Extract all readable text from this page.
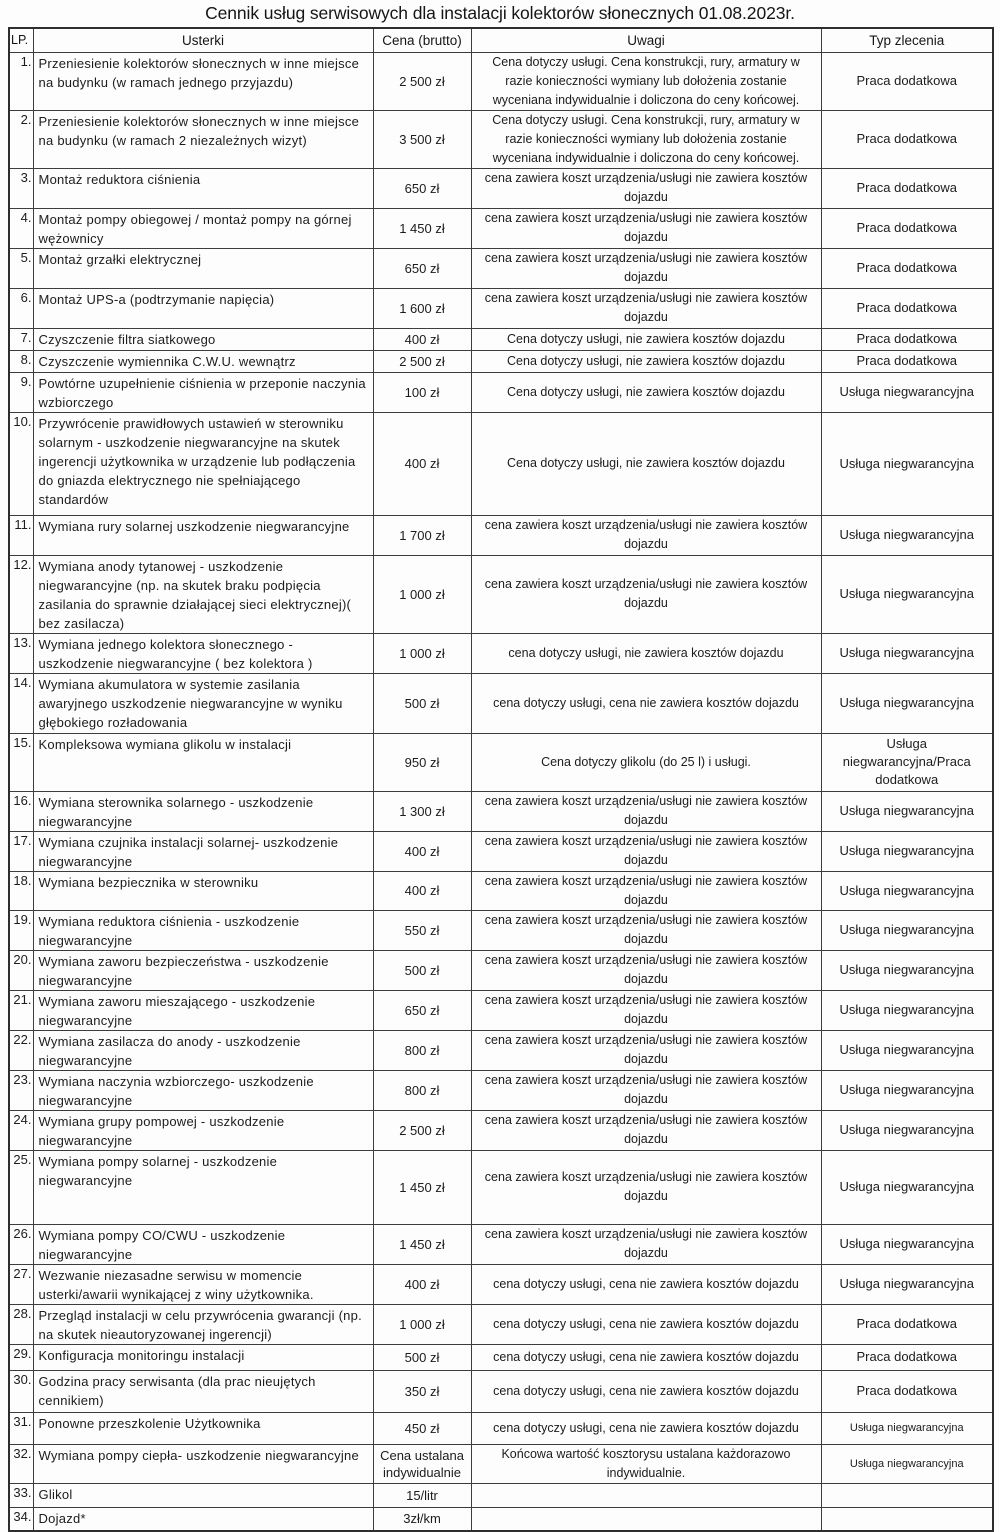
Cennik usług serwisowych dla instalacji kolektorów słonecznych 01.08.2023r.
LP.	Usterki	Cena (brutto)	Uwagi	Typ zlecenia
1.	Przeniesienie kolektorów słonecznych w inne miejsce na budynku (w ramach jednego przyjazdu)	2 500 zł	Cena dotyczy usługi. Cena konstrukcji, rury, armatury w razie konieczności wymiany lub dołożenia zostanie wyceniana indywidualnie i doliczona do ceny końcowej.	Praca dodatkowa
2.	Przeniesienie kolektorów słonecznych w inne miejsce na budynku (w ramach 2 niezależnych wizyt)	3 500 zł	Cena dotyczy usługi. Cena konstrukcji, rury, armatury w razie konieczności wymiany lub dołożenia zostanie wyceniana indywidualnie i doliczona do ceny końcowej.	Praca dodatkowa
3.	Montaż reduktora ciśnienia	650 zł	cena zawiera koszt urządzenia/usługi nie zawiera kosztów dojazdu	Praca dodatkowa
4.	Montaż pompy obiegowej / montaż pompy na górnej wężownicy	1 450 zł	cena zawiera koszt urządzenia/usługi nie zawiera kosztów dojazdu	Praca dodatkowa
5.	Montaż grzałki elektrycznej	650 zł	cena zawiera koszt urządzenia/usługi nie zawiera kosztów dojazdu	Praca dodatkowa
6.	Montaż UPS-a (podtrzymanie napięcia)	1 600 zł	cena zawiera koszt urządzenia/usługi nie zawiera kosztów dojazdu	Praca dodatkowa
7.	Czyszczenie filtra siatkowego	400 zł	Cena dotyczy usługi, nie zawiera kosztów dojazdu	Praca dodatkowa
8.	Czyszczenie wymiennika C.W.U. wewnątrz	2 500 zł	Cena dotyczy usługi, nie zawiera kosztów dojazdu	Praca dodatkowa
9.	Powtórne uzupełnienie ciśnienia w przeponie naczynia wzbiorczego	100 zł	Cena dotyczy usługi, nie zawiera kosztów dojazdu	Usługa niegwarancyjna
10.	Przywrócenie prawidłowych ustawień w sterowniku solarnym - uszkodzenie niegwarancyjne na skutek ingerencji użytkownika w urządzenie lub podłączenia do gniazda elektrycznego nie spełniającego standardów	400 zł	Cena dotyczy usługi, nie zawiera kosztów dojazdu	Usługa niegwarancyjna
11.	Wymiana rury solarnej uszkodzenie niegwarancyjne	1 700 zł	cena zawiera koszt urządzenia/usługi nie zawiera kosztów dojazdu	Usługa niegwarancyjna
12.	Wymiana anody tytanowej - uszkodzenie niegwarancyjne (np. na skutek braku podpięcia zasilania do sprawnie działającej sieci elektrycznej)( bez zasilacza)	1 000 zł	cena zawiera koszt urządzenia/usługi nie zawiera kosztów dojazdu	Usługa niegwarancyjna
13.	Wymiana jednego kolektora słonecznego - uszkodzenie niegwarancyjne ( bez kolektora )	1 000 zł	cena dotyczy usługi, nie zawiera kosztów dojazdu	Usługa niegwarancyjna
14.	Wymiana akumulatora w systemie zasilania awaryjnego uszkodzenie niegwarancyjne w wyniku głębokiego rozładowania	500 zł	cena dotyczy usługi, cena nie zawiera kosztów dojazdu	Usługa niegwarancyjna
15.	Kompleksowa wymiana glikolu w instalacji	950 zł	Cena dotyczy glikolu (do 25 l) i usługi.	Usługa niegwarancyjna/Praca dodatkowa
16.	Wymiana sterownika solarnego - uszkodzenie niegwarancyjne	1 300 zł	cena zawiera koszt urządzenia/usługi nie zawiera kosztów dojazdu	Usługa niegwarancyjna
17.	Wymiana czujnika instalacji solarnej- uszkodzenie niegwarancyjne	400 zł	cena zawiera koszt urządzenia/usługi nie zawiera kosztów dojazdu	Usługa niegwarancyjna
18.	Wymiana bezpiecznika w sterowniku	400 zł	cena zawiera koszt urządzenia/usługi nie zawiera kosztów dojazdu	Usługa niegwarancyjna
19.	Wymiana reduktora ciśnienia - uszkodzenie niegwarancyjne	550 zł	cena zawiera koszt urządzenia/usługi nie zawiera kosztów dojazdu	Usługa niegwarancyjna
20.	Wymiana zaworu bezpieczeństwa - uszkodzenie niegwarancyjne	500 zł	cena zawiera koszt urządzenia/usługi nie zawiera kosztów dojazdu	Usługa niegwarancyjna
21.	Wymiana zaworu mieszającego - uszkodzenie niegwarancyjne	650 zł	cena zawiera koszt urządzenia/usługi nie zawiera kosztów dojazdu	Usługa niegwarancyjna
22.	Wymiana zasilacza do anody - uszkodzenie niegwarancyjne	800 zł	cena zawiera koszt urządzenia/usługi nie zawiera kosztów dojazdu	Usługa niegwarancyjna
23.	Wymiana naczynia wzbiorczego- uszkodzenie niegwarancyjne	800 zł	cena zawiera koszt urządzenia/usługi nie zawiera kosztów dojazdu	Usługa niegwarancyjna
24.	Wymiana grupy pompowej - uszkodzenie niegwarancyjne	2 500 zł	cena zawiera koszt urządzenia/usługi nie zawiera kosztów dojazdu	Usługa niegwarancyjna
25.	Wymiana pompy solarnej - uszkodzenie niegwarancyjne	1 450 zł	cena zawiera koszt urządzenia/usługi nie zawiera kosztów dojazdu	Usługa niegwarancyjna
26.	Wymiana pompy CO/CWU - uszkodzenie niegwarancyjne	1 450 zł	cena zawiera koszt urządzenia/usługi nie zawiera kosztów dojazdu	Usługa niegwarancyjna
27.	Wezwanie niezasadne serwisu w momencie usterki/awarii wynikającej z winy użytkownika.	400 zł	cena dotyczy usługi, cena nie zawiera kosztów dojazdu	Usługa niegwarancyjna
28.	Przegląd instalacji w celu przywrócenia gwarancji (np. na skutek nieautoryzowanej ingerencji)	1 000 zł	cena dotyczy usługi, cena nie zawiera kosztów dojazdu	Praca dodatkowa
29.	Konfiguracja monitoringu instalacji	500 zł	cena dotyczy usługi, cena nie zawiera kosztów dojazdu	Praca dodatkowa
30.	Godzina pracy serwisanta (dla prac nieujętych cennikiem)	350 zł	cena dotyczy usługi, cena nie zawiera kosztów dojazdu	Praca dodatkowa
31.	Ponowne przeszkolenie Użytkownika	450 zł	cena dotyczy usługi, cena nie zawiera kosztów dojazdu	Usługa niegwarancyjna
32.	Wymiana pompy ciepła- uszkodzenie niegwarancyjne	Cena ustalana indywidualnie	Końcowa wartość kosztorysu ustalana każdorazowo indywidualnie.	Usługa niegwarancyjna
33.	Glikol	15/litr		
34.	Dojazd*	3zł/km		
